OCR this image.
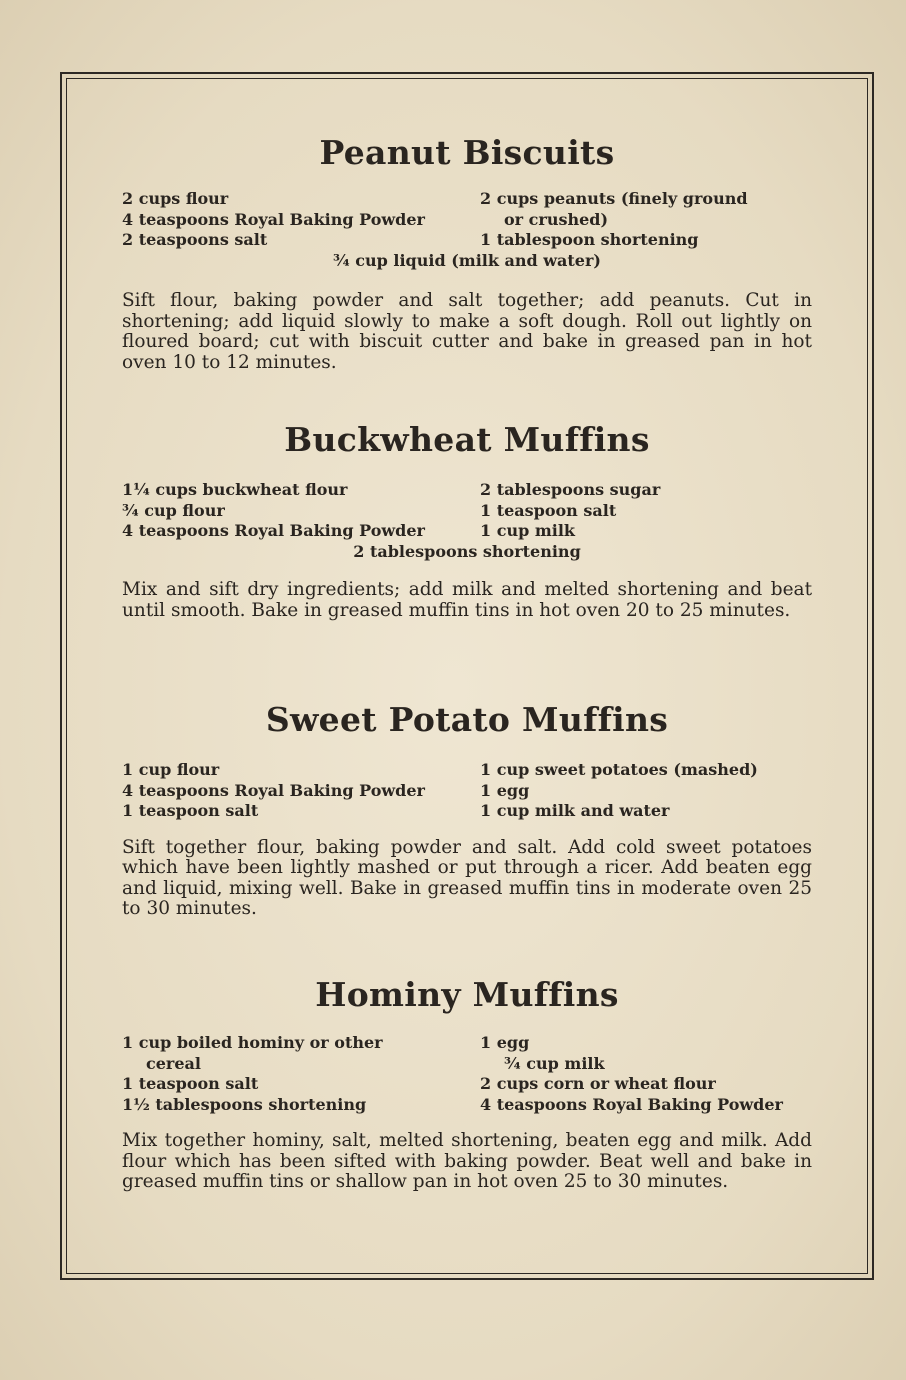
Peanut Biscuits
2 cups flour	2 cups peanuts (finely ground
4 teaspoons Royal Baking Powder	or crushed)
2 teaspoons salt	1 tablespoon shortening
¾ cup liquid (milk and water)

Sift flour, baking powder and salt together; add peanuts. Cut in shortening; add liquid slowly to make a soft dough. Roll out lightly on floured board; cut with biscuit cutter and bake in greased pan in hot oven 10 to 12 minutes.

Buckwheat Muffins
1¼ cups buckwheat flour	2 tablespoons sugar
¾ cup flour	1 teaspoon salt
4 teaspoons Royal Baking Powder	1 cup milk
2 tablespoons shortening

Mix and sift dry ingredients; add milk and melted shortening and beat until smooth. Bake in greased muffin tins in hot oven 20 to 25 minutes.

Sweet Potato Muffins
1 cup flour	1 cup sweet potatoes (mashed)
4 teaspoons Royal Baking Powder	1 egg
1 teaspoon salt	1 cup milk and water

Sift together flour, baking powder and salt. Add cold sweet potatoes which have been lightly mashed or put through a ricer. Add beaten egg and liquid, mixing well. Bake in greased muffin tins in moderate oven 25 to 30 minutes.

Hominy Muffins
1 cup boiled hominy or other	1 egg
cereal	¾ cup milk
1 teaspoon salt	2 cups corn or wheat flour
1½ tablespoons shortening	4 teaspoons Royal Baking Powder

Mix together hominy, salt, melted shortening, beaten egg and milk. Add flour which has been sifted with baking powder. Beat well and bake in greased muffin tins or shallow pan in hot oven 25 to 30 minutes.
